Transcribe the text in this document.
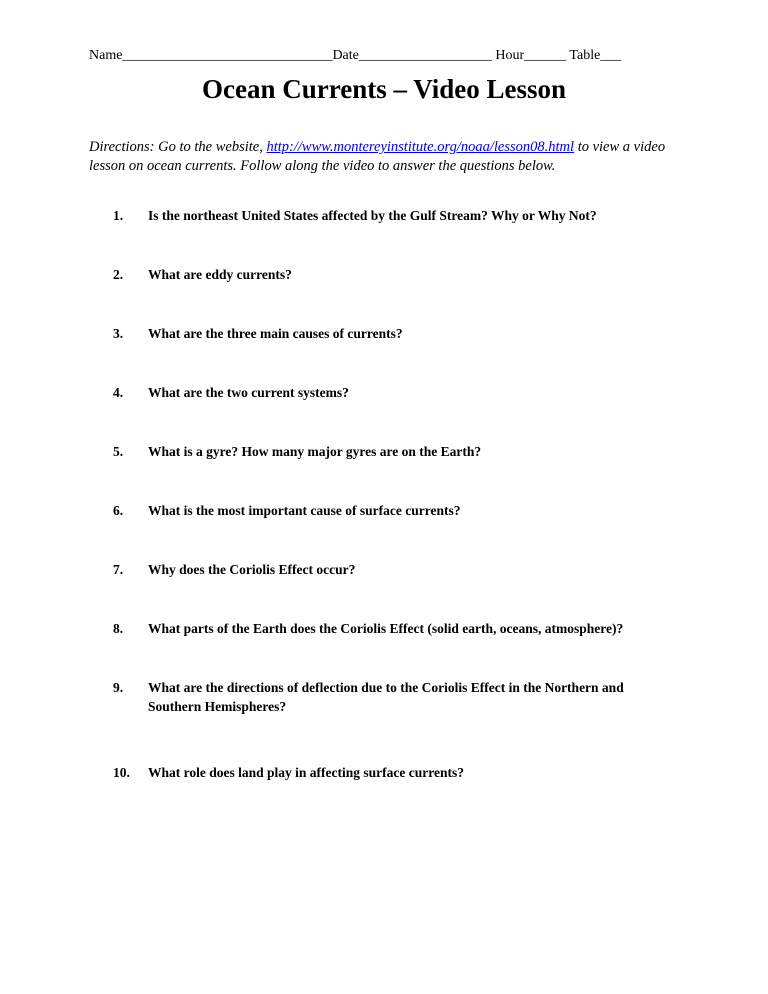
Name______________________________Date___________________ Hour______ Table___
Ocean Currents – Video Lesson
Directions: Go to the website, http://www.montereyinstitute.org/noaa/lesson08.html to view a video lesson on ocean currents. Follow along the video to answer the questions below.
1. Is the northeast United States affected by the Gulf Stream? Why or Why Not?
2. What are eddy currents?
3. What are the three main causes of currents?
4. What are the two current systems?
5. What is a gyre? How many major gyres are on the Earth?
6. What is the most important cause of surface currents?
7. Why does the Coriolis Effect occur?
8. What parts of the Earth does the Coriolis Effect (solid earth, oceans, atmosphere)?
9. What are the directions of deflection due to the Coriolis Effect in the Northern and Southern Hemispheres?
10. What role does land play in affecting surface currents?
